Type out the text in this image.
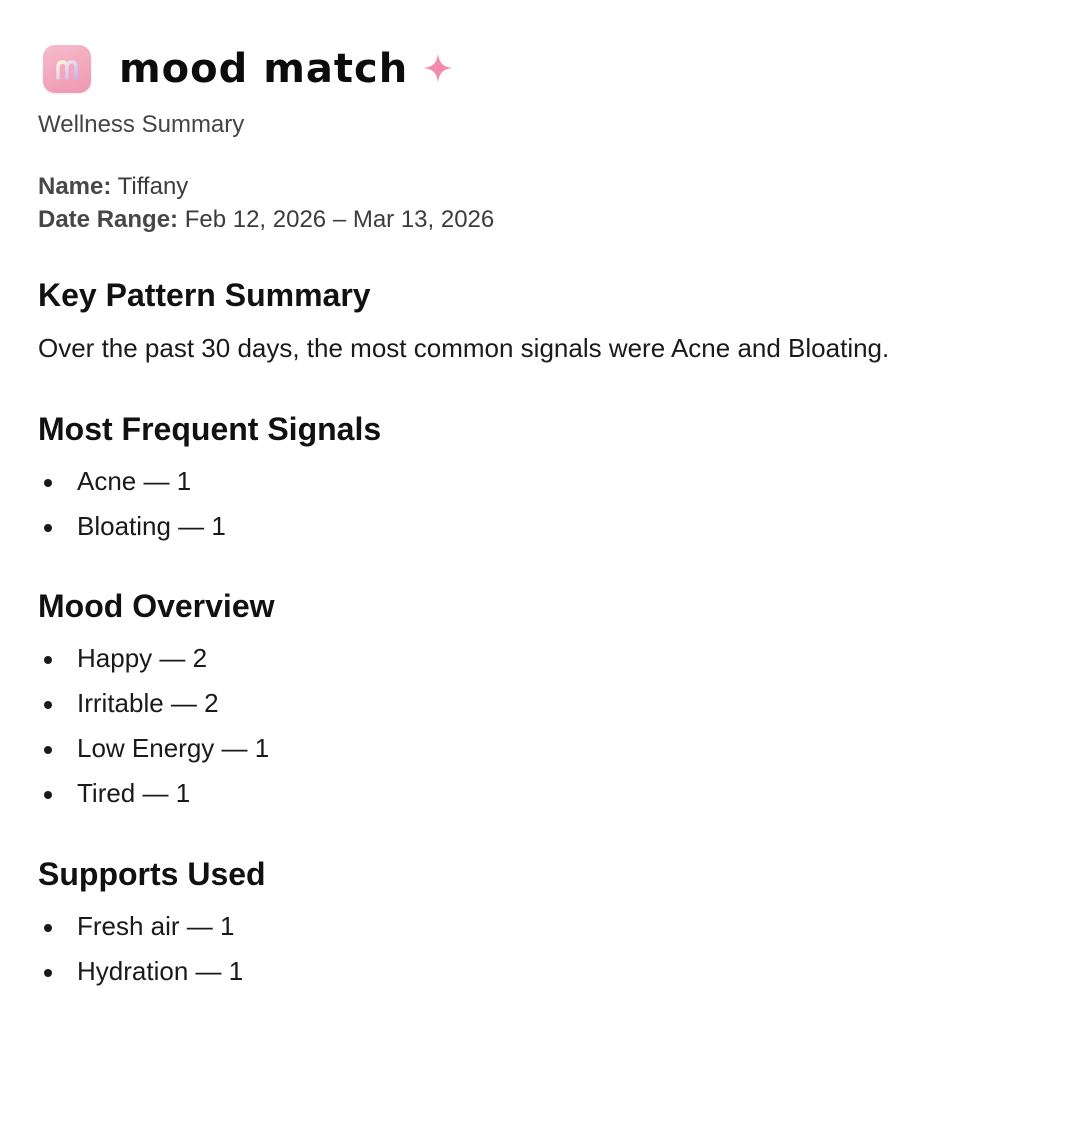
mood match
Wellness Summary
Name: Tiffany
Date Range: Feb 12, 2026 – Mar 13, 2026
Key Pattern Summary

Over the past 30 days, the most common signals were Acne and Bloating.

Most Frequent Signals
Acne — 1
Bloating — 1
Mood Overview
Happy — 2
Irritable — 2
Low Energy — 1
Tired — 1
Supports Used
Fresh air — 1
Hydration — 1
